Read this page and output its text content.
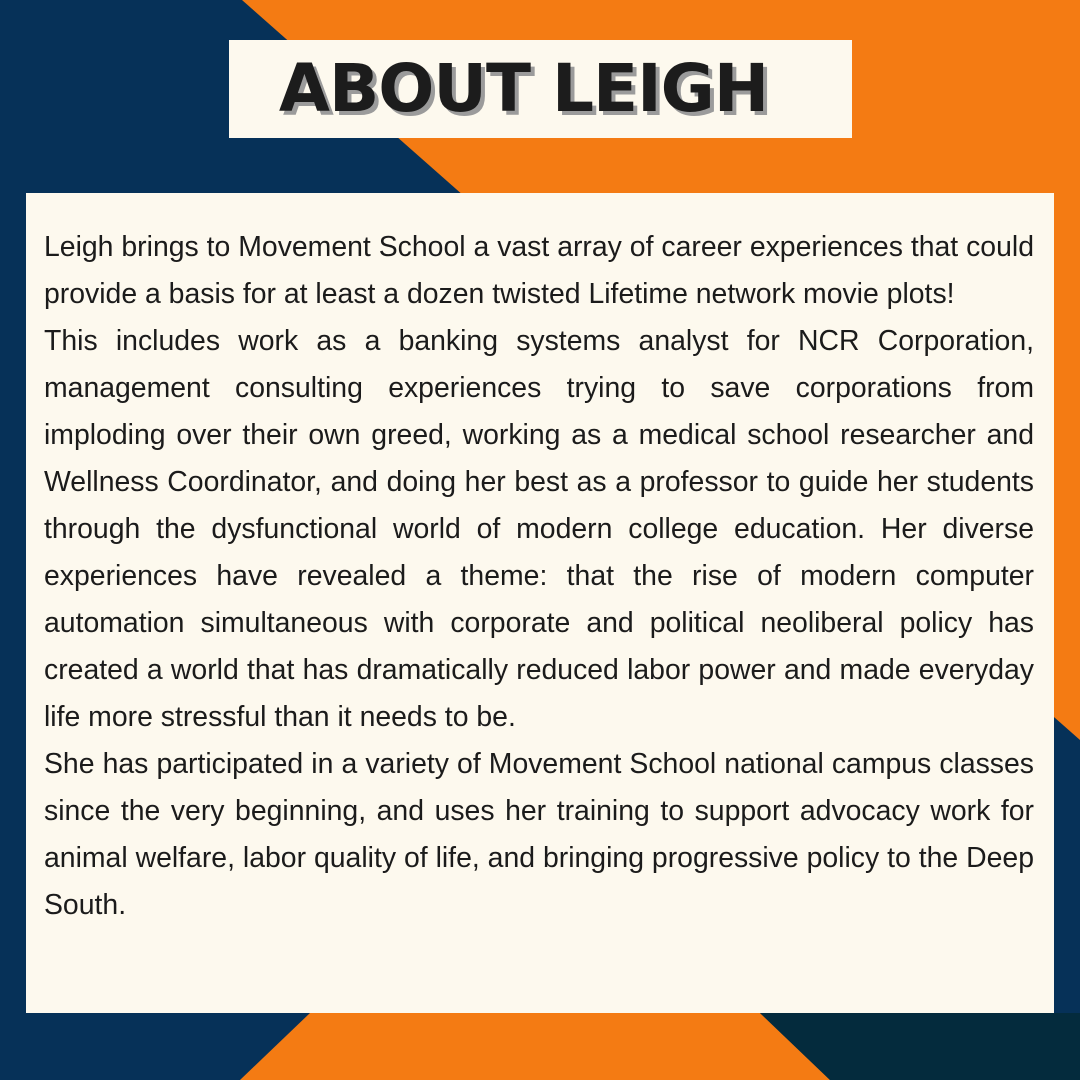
ABOUT LEIGH

Leigh brings to Movement School a vast array of career experiences that could provide a basis for at least a dozen twisted Lifetime network movie plots!

This includes work as a banking systems analyst for NCR Corporation, management consulting experiences trying to save corporations from imploding over their own greed, working as a medical school researcher and Wellness Coordinator, and doing her best as a professor to guide her students through the dysfunctional world of modern college education. Her diverse experiences have revealed a theme: that the rise of modern computer automation simultaneous with corporate and political neoliberal policy has created a world that has dramatically reduced labor power and made everyday life more stressful than it needs to be.

She has participated in a variety of Movement School national campus classes since the very beginning, and uses her training to support advocacy work for animal welfare, labor quality of life, and bringing progressive policy to the Deep South.
